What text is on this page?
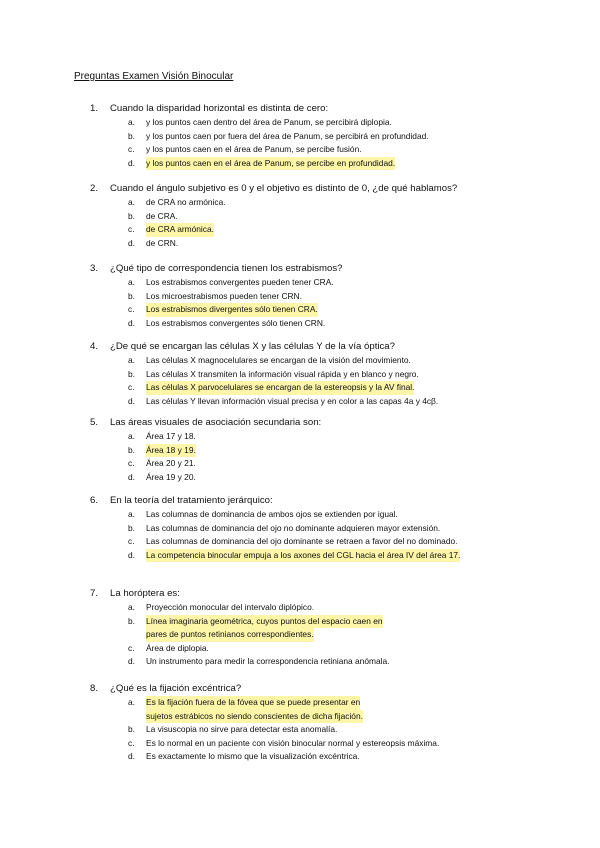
Preguntas Examen Visión Binocular
1. Cuando la disparidad horizontal es distinta de cero:
a. y los puntos caen dentro del área de Panum, se percibirá diplopia.
b. y los puntos caen por fuera del área de Panum, se percibirá en profundidad.
c. y los puntos caen en el área de Panum, se percibe fusión.
d. y los puntos caen en el área de Panum, se percibe en profundidad.
2. Cuando el ángulo subjetivo es 0 y el objetivo es distinto de 0, ¿de qué hablamos?
a. de CRA no armónica.
b. de CRA.
c. de CRA armónica.
d. de CRN.
3. ¿Qué tipo de correspondencia tienen los estrabismos?
a. Los estrabismos convergentes pueden tener CRA.
b. Los microestrabismos pueden tener CRN.
c. Los estrabismos divergentes sólo tienen CRA.
d. Los estrabismos convergentes sólo tienen CRN.
4. ¿De qué se encargan las células X y las células Y de la vía óptica?
a. Las células X magnocelulares se encargan de la visión del movimiento.
b. Las células X transmiten la información visual rápida y en blanco y negro.
c. Las células X parvocelulares se encargan de la estereopsis y la AV final.
d. Las células Y llevan información visual precisa y en color a las capas 4a y 4cβ.
5. Las áreas visuales de asociación secundaria son:
a. Área 17 y 18.
b. Área 18 y 19.
c. Área 20 y 21.
d. Área 19 y 20.
6. En la teoría del tratamiento jerárquico:
a. Las columnas de dominancia de ambos ojos se extienden por igual.
b. Las columnas de dominancia del ojo no dominante adquieren mayor extensión.
c. Las columnas de dominancia del ojo dominante se retraen a favor del no dominado.
d. La competencia binocular empuja a los axones del CGL hacia el área IV del área 17.
7. La horóptera es:
a. Proyección monocular del intervalo diplópico.
b. Línea imaginaria geométrica, cuyos puntos del espacio caen en
pares de puntos retinianos correspondientes.
c. Área de diplopia.
d. Un instrumento para medir la correspondencia retiniana anómala.
8. ¿Qué es la fijación excéntrica?
a. Es la fijación fuera de la fóvea que se puede presentar en
sujetos estrábicos no siendo conscientes de dicha fijación.
b. La visuscopia no sirve para detectar esta anomalía.
c. Es lo normal en un paciente con visión binocular normal y estereopsis máxima.
d. Es exactamente lo mismo que la visualización excéntrica.
